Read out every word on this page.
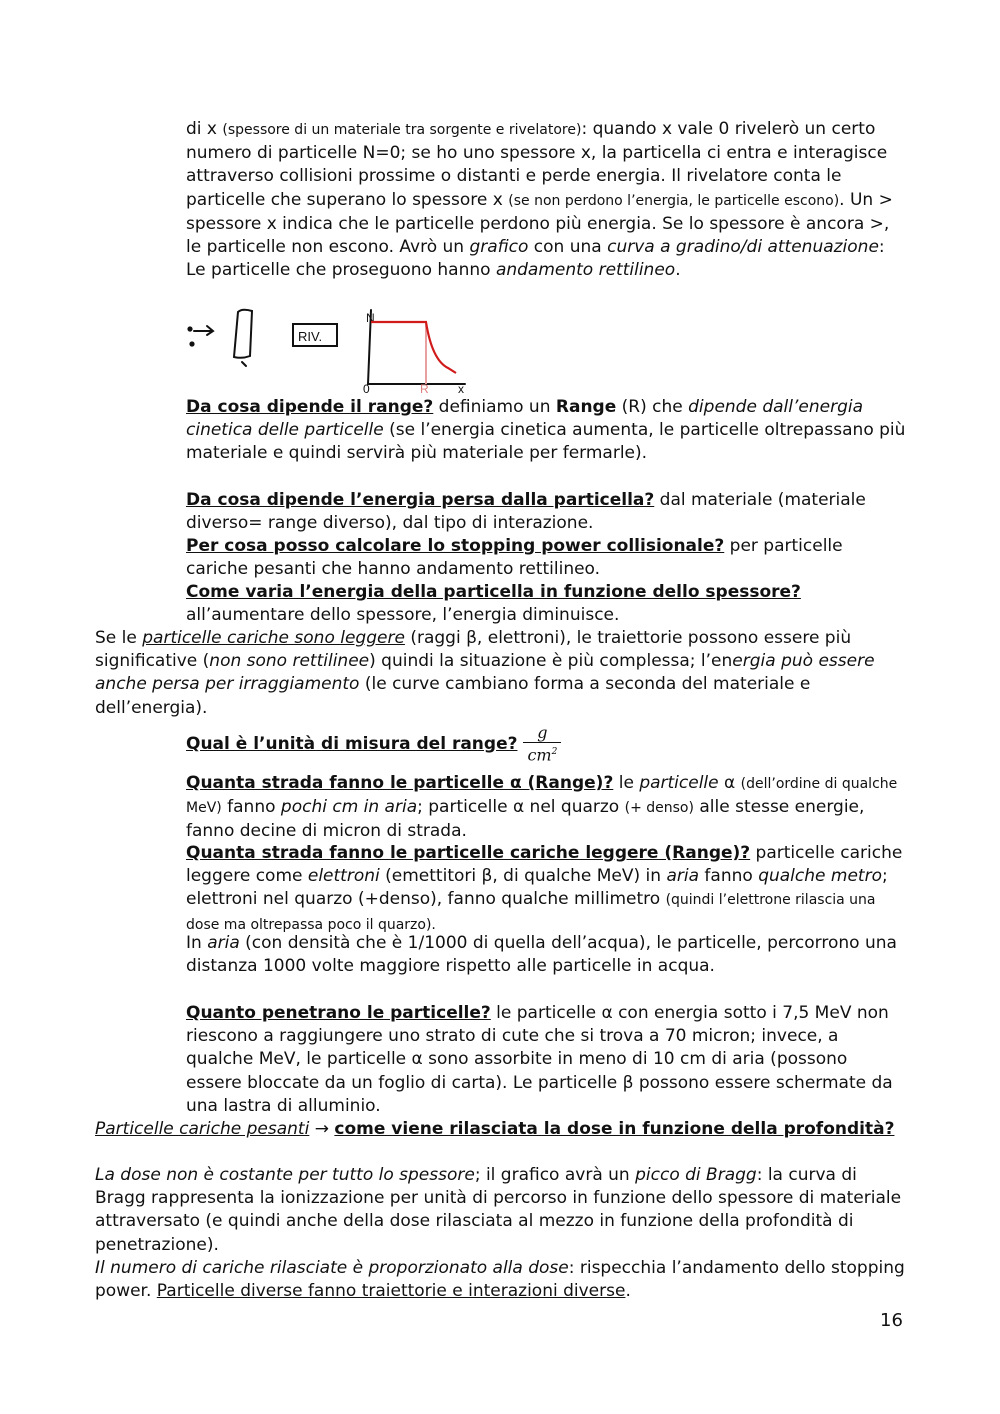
di x (spessore di un materiale tra sorgente e rivelatore): quando x vale 0 rivelerò un certo numero di particelle N=0; se ho uno spessore x, la particella ci entra e interagisce attraverso collisioni prossime o distanti e perde energia. Il rivelatore conta le particelle che superano lo spessore x (se non perdono l’energia, le particelle escono). Un > spessore x indica che le particelle perdono più energia. Se lo spessore è ancora >, le particelle non escono. Avrò un grafico con una curva a gradino/di attenuazione: Le particelle che proseguono hanno andamento rettilineo.

RIV.
N
0	x
R

Da cosa dipende il range? definiamo un Range (R) che dipende dall’energia cinetica delle particelle (se l’energia cinetica aumenta, le particelle oltrepassano più materiale e quindi servirà più materiale per fermarle).

Da cosa dipende l’energia persa dalla particella? dal materiale (materiale diverso= range diverso), dal tipo di interazione.

Per cosa posso calcolare lo stopping power collisionale? per particelle cariche pesanti che hanno andamento rettilineo.

Come varia l’energia della particella in funzione dello spessore? all’aumentare dello spessore, l’energia diminuisce.

Se le particelle cariche sono leggere (raggi β, elettroni), le traiettorie possono essere più significative (non sono rettilinee) quindi la situazione è più complessa; l’energia può essere anche persa per irraggiamento (le curve cambiano forma a seconda del materiale e dell’energia).

Qual è l’unità di misura del range? $\frac{g}{cm^2}$

Quanta strada fanno le particelle α (Range)? le particelle α (dell’ordine di qualche MeV) fanno pochi cm in aria; particelle α nel quarzo (+ denso) alle stesse energie, fanno decine di micron di strada.

Quanta strada fanno le particelle cariche leggere (Range)? particelle cariche leggere come elettroni (emettitori β, di qualche MeV) in aria fanno qualche metro; elettroni nel quarzo (+denso), fanno qualche millimetro (quindi l’elettrone rilascia una dose ma oltrepassa poco il quarzo).

In aria (con densità che è 1/1000 di quella dell’acqua), le particelle, percorrono una distanza 1000 volte maggiore rispetto alle particelle in acqua.

Quanto penetrano le particelle? le particelle α con energia sotto i 7,5 MeV non riescono a raggiungere uno strato di cute che si trova a 70 micron; invece, a qualche MeV, le particelle α sono assorbite in meno di 10 cm di aria (possono essere bloccate da un foglio di carta). Le particelle β possono essere schermate da una lastra di alluminio.

Particelle cariche pesanti → come viene rilasciata la dose in funzione della profondità?

La dose non è costante per tutto lo spessore; il grafico avrà un picco di Bragg: la curva di Bragg rappresenta la ionizzazione per unità di percorso in funzione dello spessore di materiale attraversato (e quindi anche della dose rilasciata al mezzo in funzione della profondità di penetrazione).

Il numero di cariche rilasciate è proporzionato alla dose: rispecchia l’andamento dello stopping power. Particelle diverse fanno traiettorie e interazioni diverse.

16
